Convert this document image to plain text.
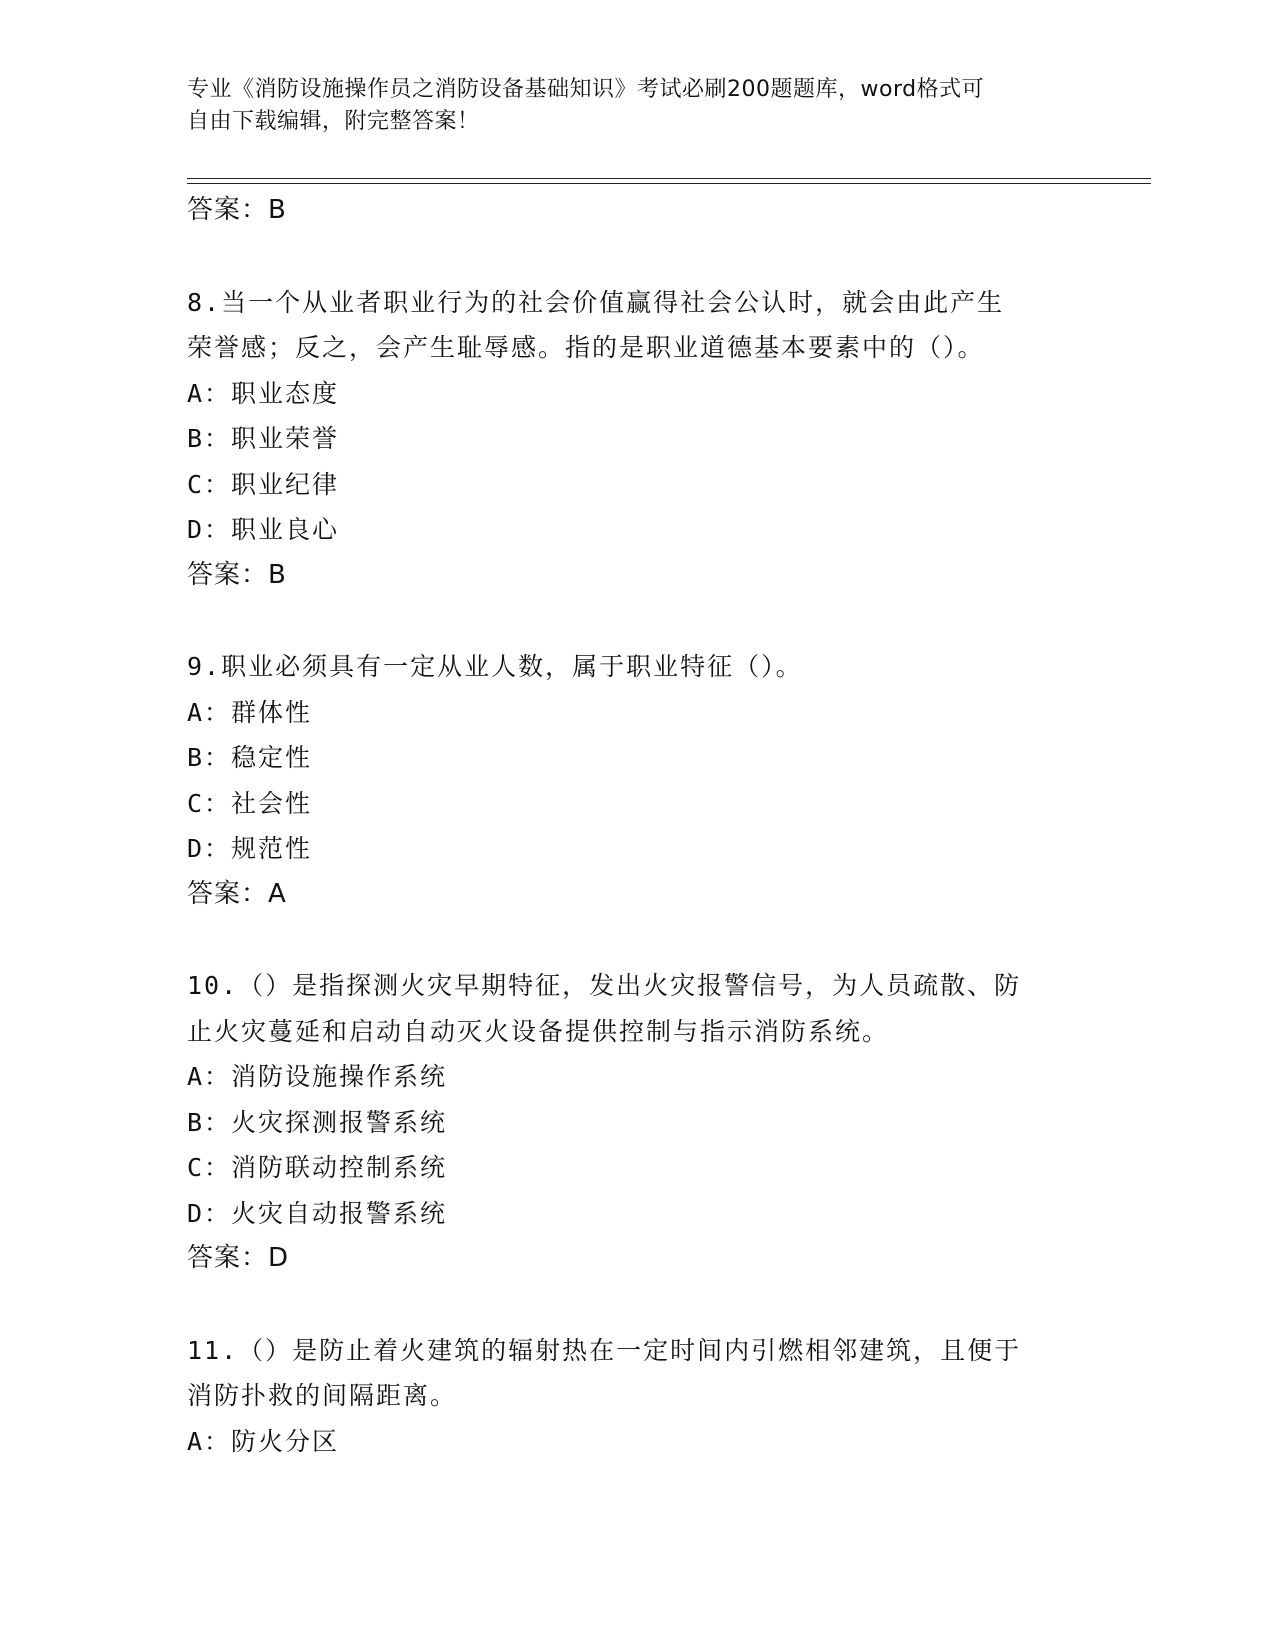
专业《消防设施操作员之消防设备基础知识》考试必刷200题题库，word格式可
自由下载编辑，附完整答案！
答案：B
8.当一个从业者职业行为的社会价值赢得社会公认时，就会由此产生
荣誉感；反之，会产生耻辱感。指的是职业道德基本要素中的（）。
A：职业态度
B：职业荣誉
C：职业纪律
D：职业良心
答案：B
9.职业必须具有一定从业人数，属于职业特征（）。
A：群体性
B：稳定性
C：社会性
D：规范性
答案：A
10.（）是指探测火灾早期特征，发出火灾报警信号，为人员疏散、防
止火灾蔓延和启动自动灭火设备提供控制与指示消防系统。
A：消防设施操作系统
B：火灾探测报警系统
C：消防联动控制系统
D：火灾自动报警系统
答案：D
11.（）是防止着火建筑的辐射热在一定时间内引燃相邻建筑，且便于
消防扑救的间隔距离。
A：防火分区
